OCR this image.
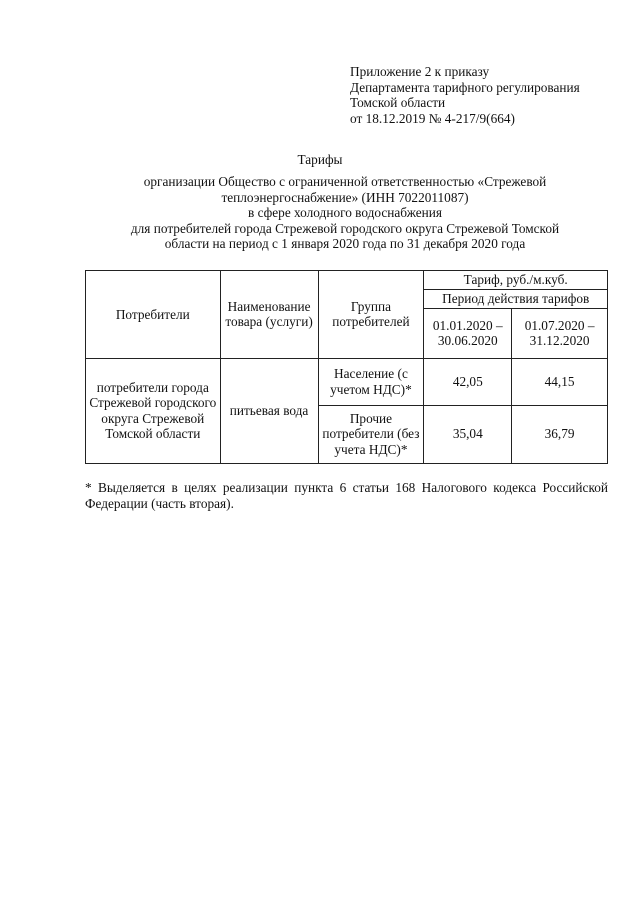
Приложение 2 к приказу
Департамента тарифного регулирования
Томской области
от 18.12.2019 № 4-217/9(664)
Тарифы
организации Общество с ограниченной ответственностью «Стрежевой
теплоэнергоснабжение» (ИНН 7022011087)
в сфере холодного водоснабжения
для потребителей города Стрежевой городского округа Стрежевой Томской
области на период с 1 января 2020 года по 31 декабря 2020 года
Потребители	Наименование товара (услуги)	Группа потребителей	Тариф, руб./м.куб.	
			Период действия тарифов	
			01.01.2020 – 30.06.2020	01.07.2020 – 31.12.2020
потребители города Стрежевой городского округа Стрежевой Томской области	питьевая вода	Население (с учетом НДС)*	42,05	44,15
		Прочие потребители (без учета НДС)*	35,04	36,79
* Выделяется в целях реализации пункта 6 статьи 168 Налогового кодекса Российской Федерации (часть вторая).
